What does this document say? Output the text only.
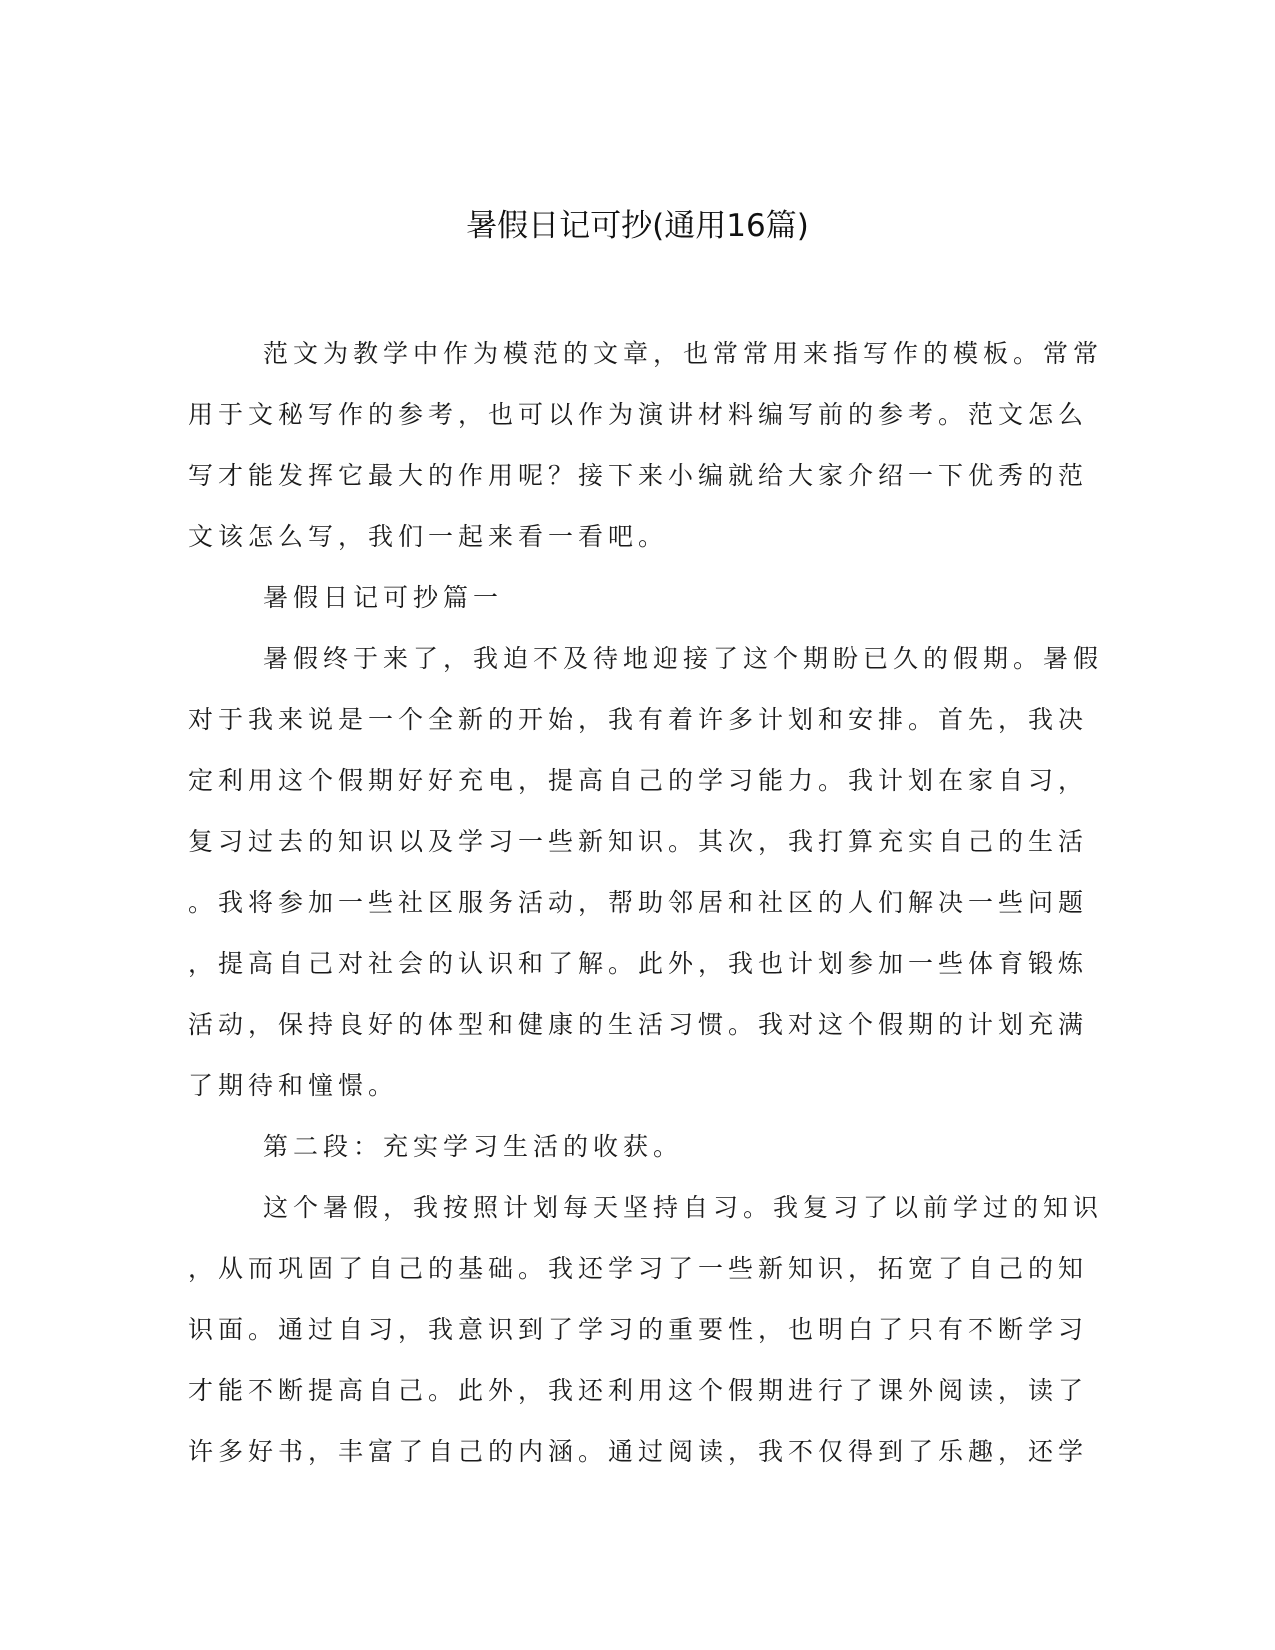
暑假日记可抄(通用16篇)
范文为教学中作为模范的文章，也常常用来指写作的模板。常常
用于文秘写作的参考，也可以作为演讲材料编写前的参考。范文怎么
写才能发挥它最大的作用呢？接下来小编就给大家介绍一下优秀的范
文该怎么写，我们一起来看一看吧。
暑假日记可抄篇一
暑假终于来了，我迫不及待地迎接了这个期盼已久的假期。暑假
对于我来说是一个全新的开始，我有着许多计划和安排。首先，我决
定利用这个假期好好充电，提高自己的学习能力。我计划在家自习，
复习过去的知识以及学习一些新知识。其次，我打算充实自己的生活
。我将参加一些社区服务活动，帮助邻居和社区的人们解决一些问题
，提高自己对社会的认识和了解。此外，我也计划参加一些体育锻炼
活动，保持良好的体型和健康的生活习惯。我对这个假期的计划充满
了期待和憧憬。
第二段：充实学习生活的收获。
这个暑假，我按照计划每天坚持自习。我复习了以前学过的知识
，从而巩固了自己的基础。我还学习了一些新知识，拓宽了自己的知
识面。通过自习，我意识到了学习的重要性，也明白了只有不断学习
才能不断提高自己。此外，我还利用这个假期进行了课外阅读，读了
许多好书，丰富了自己的内涵。通过阅读，我不仅得到了乐趣，还学
